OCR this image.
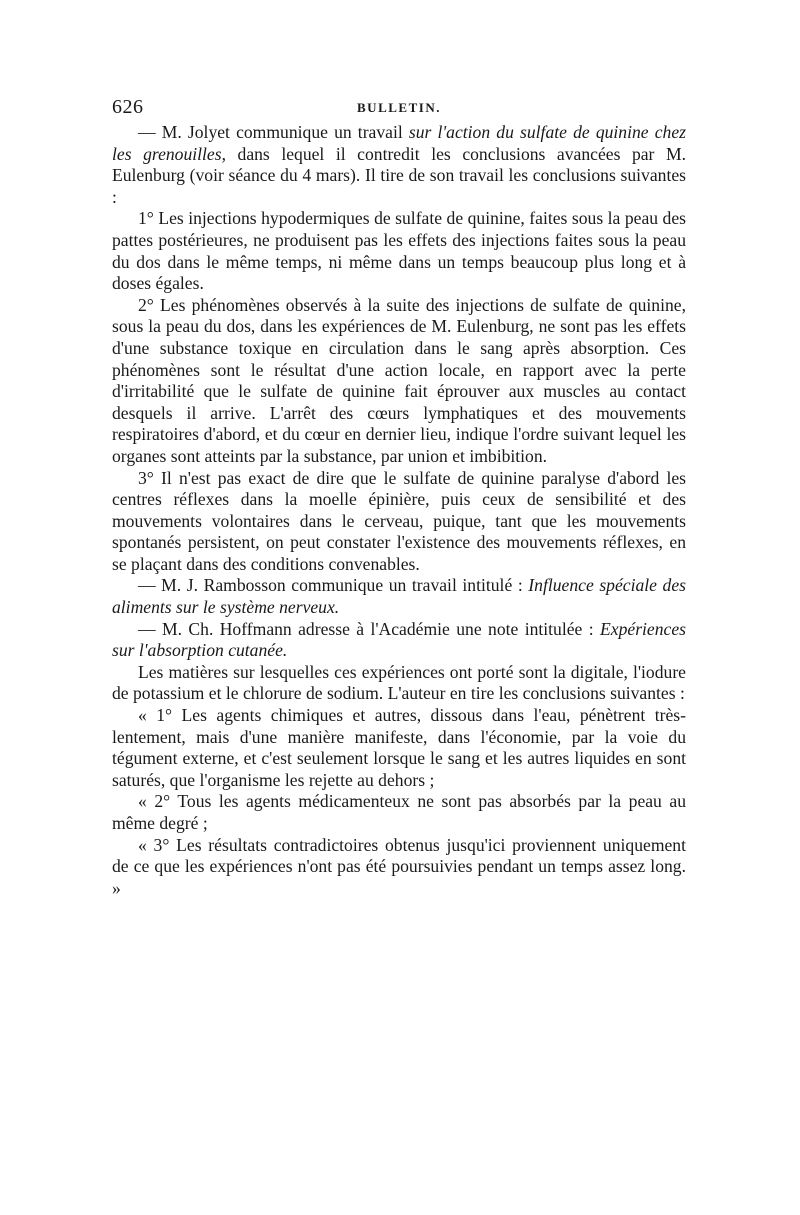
626	BULLETIN.

— M. Jolyet communique un travail sur l'action du sulfate de quinine chez les grenouilles, dans lequel il contredit les conclusions avancées par M. Eulenburg (voir séance du 4 mars). Il tire de son travail les conclusions suivantes :

1° Les injections hypodermiques de sulfate de quinine, faites sous la peau des pattes postérieures, ne produisent pas les effets des injections faites sous la peau du dos dans le même temps, ni même dans un temps beaucoup plus long et à doses égales.

2° Les phénomènes observés à la suite des injections de sulfate de quinine, sous la peau du dos, dans les expériences de M. Eulenburg, ne sont pas les effets d'une substance toxique en circulation dans le sang après absorption. Ces phénomènes sont le résultat d'une action locale, en rapport avec la perte d'irritabilité que le sulfate de quinine fait éprouver aux muscles au contact desquels il arrive. L'arrêt des cœurs lymphatiques et des mouvements respiratoires d'abord, et du cœur en dernier lieu, indique l'ordre suivant lequel les organes sont atteints par la substance, par union et imbibition.

3° Il n'est pas exact de dire que le sulfate de quinine paralyse d'abord les centres réflexes dans la moelle épinière, puis ceux de sensibilité et des mouvements volontaires dans le cerveau, puique, tant que les mouvements spontanés persistent, on peut constater l'existence des mouvements réflexes, en se plaçant dans des conditions convenables.

— M. J. Rambosson communique un travail intitulé : Influence spéciale des aliments sur le système nerveux.

— M. Ch. Hoffmann adresse à l'Académie une note intitulée : Expériences sur l'absorption cutanée.

Les matières sur lesquelles ces expériences ont porté sont la digitale, l'iodure de potassium et le chlorure de sodium. L'auteur en tire les conclusions suivantes :

« 1° Les agents chimiques et autres, dissous dans l'eau, pénètrent très-lentement, mais d'une manière manifeste, dans l'économie, par la voie du tégument externe, et c'est seulement lorsque le sang et les autres liquides en sont saturés, que l'organisme les rejette au dehors ;

« 2° Tous les agents médicamenteux ne sont pas absorbés par la peau au même degré ;

« 3° Les résultats contradictoires obtenus jusqu'ici proviennent uniquement de ce que les expériences n'ont pas été poursuivies pendant un temps assez long. »
